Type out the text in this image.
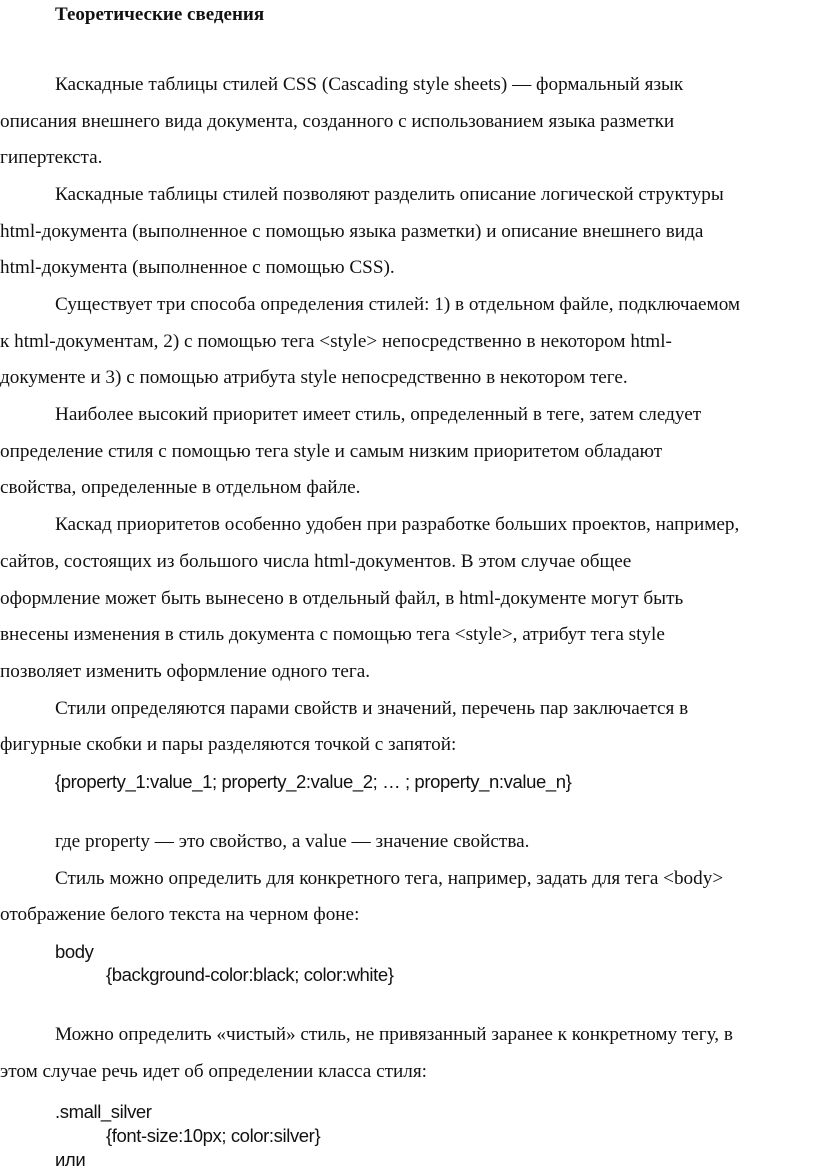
Теоретические сведения
Каскадные таблицы стилей CSS (Cascading style sheets) — формальный язык
описания внешнего вида документа, созданного с использованием языка разметки
гипертекста.
Каскадные таблицы стилей позволяют разделить описание логической структуры
html-документа (выполненное с помощью языка разметки) и описание внешнего вида
html-документа (выполненное с помощью CSS).
Существует три способа определения стилей: 1) в отдельном файле, подключаемом
к html-документам, 2) с помощью тега <style> непосредственно в некотором html-
документе и 3) с помощью атрибута style непосредственно в некотором теге.
Наиболее высокий приоритет имеет стиль, определенный в теге, затем следует
определение стиля с помощью тега style и самым низким приоритетом обладают
свойства, определенные в отдельном файле.
Каскад приоритетов особенно удобен при разработке больших проектов, например,
сайтов, состоящих из большого числа html-документов. В этом случае общее
оформление может быть вынесено в отдельный файл, в html-документе могут быть
внесены изменения в стиль документа с помощью тега <style>, атрибут тега style
позволяет изменить оформление одного тега.
Стили определяются парами свойств и значений, перечень пар заключается в
фигурные скобки и пары разделяются точкой с запятой:
{property_1:value_1; property_2:value_2; … ; property_n:value_n}
где property — это свойство, а value — значение свойства.
Стиль можно определить для конкретного тега, например, задать для тега <body>
отображение белого текста на черном фоне:
body
{background-color:black; color:white}
Можно определить «чистый» стиль, не привязанный заранее к конкретному тегу, в
этом случае речь идет об определении класса стиля:
.small_silver
{font-size:10px; color:silver}
или
